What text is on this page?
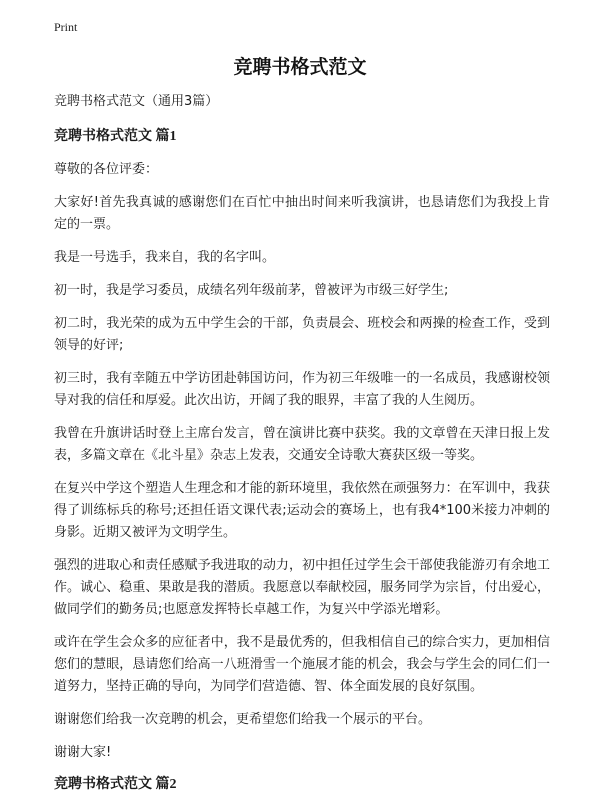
Print
竞聘书格式范文

竞聘书格式范文（通用3篇）

竞聘书格式范文 篇1

尊敬的各位评委：

大家好!首先我真诚的感谢您们在百忙中抽出时间来听我演讲，也恳请您们为我投上肯定的一票。

我是一号选手，我来自，我的名字叫。

初一时，我是学习委员，成绩名列年级前茅，曾被评为市级三好学生;

初二时，我光荣的成为五中学生会的干部，负责晨会、班校会和两操的检查工作，受到领导的好评;

初三时，我有幸随五中学访团赴韩国访问，作为初三年级唯一的一名成员，我感谢校领导对我的信任和厚爱。此次出访，开阔了我的眼界，丰富了我的人生阅历。

我曾在升旗讲话时登上主席台发言，曾在演讲比赛中获奖。我的文章曾在天津日报上发表，多篇文章在《北斗星》杂志上发表，交通安全诗歌大赛获区级一等奖。

在复兴中学这个塑造人生理念和才能的新环境里，我依然在顽强努力：在军训中，我获得了训练标兵的称号;还担任语文课代表;运动会的赛场上，也有我4*100米接力冲刺的身影。近期又被评为文明学生。

强烈的进取心和责任感赋予我进取的动力，初中担任过学生会干部使我能游刃有余地工作。诚心、稳重、果敢是我的潜质。我愿意以奉献校园，服务同学为宗旨，付出爱心，做同学们的勤务员;也愿意发挥特长卓越工作，为复兴中学添光增彩。

或许在学生会众多的应征者中，我不是最优秀的，但我相信自己的综合实力，更加相信您们的慧眼，恳请您们给高一八班滑雪一个施展才能的机会，我会与学生会的同仁们一道努力，坚持正确的导向，为同学们营造德、智、体全面发展的良好氛围。

谢谢您们给我一次竞聘的机会，更希望您们给我一个展示的平台。

谢谢大家!

竞聘书格式范文 篇2
